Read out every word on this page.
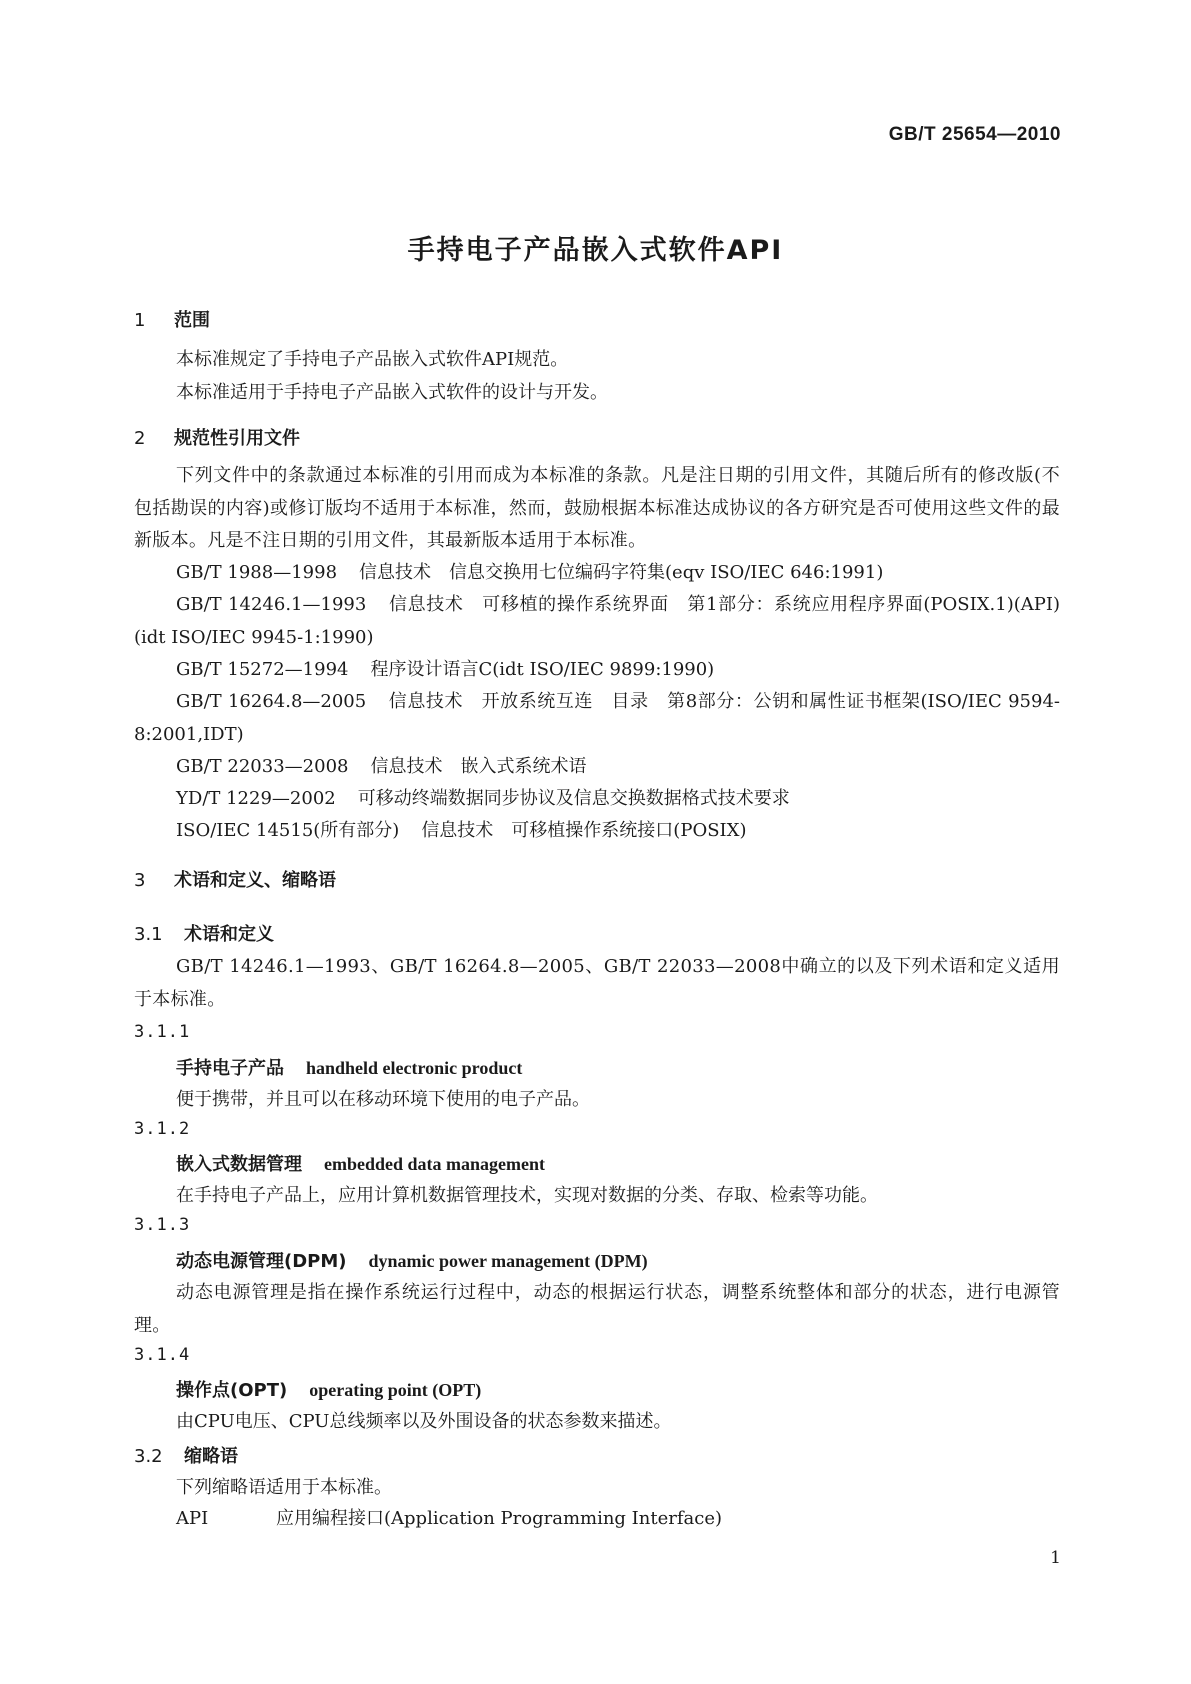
GB/T 25654—2010
手持电子产品嵌入式软件API
1 范围
本标准规定了手持电子产品嵌入式软件API规范。
本标准适用于手持电子产品嵌入式软件的设计与开发。
2 规范性引用文件
下列文件中的条款通过本标准的引用而成为本标准的条款。凡是注日期的引用文件，其随后所有的修改版(不包括勘误的内容)或修订版均不适用于本标准，然而，鼓励根据本标准达成协议的各方研究是否可使用这些文件的最新版本。凡是不注日期的引用文件，其最新版本适用于本标准。
GB/T 1988—1998 信息技术　信息交换用七位编码字符集(eqv ISO/IEC 646:1991)
GB/T 14246.1—1993 信息技术　可移植的操作系统界面　第1部分：系统应用程序界面(POSIX.1)(API)(idt ISO/IEC 9945-1:1990)
GB/T 15272—1994 程序设计语言C(idt ISO/IEC 9899:1990)
GB/T 16264.8—2005 信息技术　开放系统互连　目录　第8部分：公钥和属性证书框架(ISO/IEC 9594-8:2001,IDT)
GB/T 22033—2008 信息技术　嵌入式系统术语
YD/T 1229—2002 可移动终端数据同步协议及信息交换数据格式技术要求
ISO/IEC 14515(所有部分) 信息技术　可移植操作系统接口(POSIX)
3 术语和定义、缩略语
3.1 术语和定义
GB/T 14246.1—1993、GB/T 16264.8—2005、GB/T 22033—2008中确立的以及下列术语和定义适用于本标准。
3.1.1
手持电子产品 handheld electronic product
便于携带，并且可以在移动环境下使用的电子产品。
3.1.2
嵌入式数据管理 embedded data management
在手持电子产品上，应用计算机数据管理技术，实现对数据的分类、存取、检索等功能。
3.1.3
动态电源管理(DPM) dynamic power management (DPM)
动态电源管理是指在操作系统运行过程中，动态的根据运行状态，调整系统整体和部分的状态，进行电源管理。
3.1.4
操作点(OPT) operating point (OPT)
由CPU电压、CPU总线频率以及外围设备的状态参数来描述。
3.2 缩略语
下列缩略语适用于本标准。
API	应用编程接口(Application Programming Interface)
1
